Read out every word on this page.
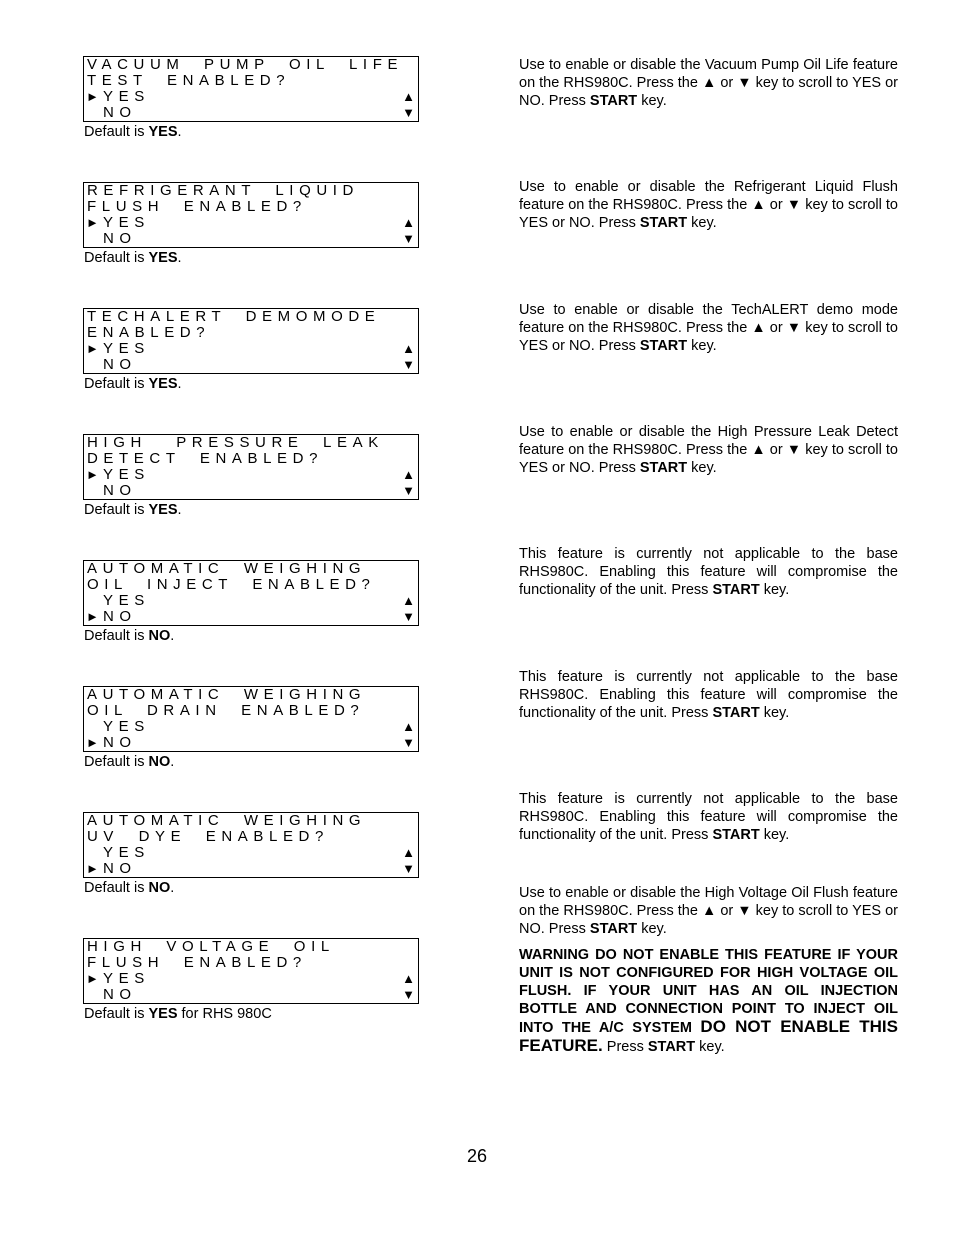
VACUUM  PUMP  OIL  LIFE
TEST  ENABLED?
► YES
NO
▲
▼
Default is YES.
Use to enable or disable the Vacuum Pump Oil Life feature on the RHS980C. Press the ▲ or ▼ key to scroll to YES or NO. Press START key.
REFRIGERANT  LIQUID
FLUSH  ENABLED?
► YES
NO
▲
▼
Default is YES.
Use to enable or disable the Refrigerant Liquid Flush feature on the RHS980C. Press the ▲ or ▼ key to scroll to YES or NO. Press START key.
TECHALERT  DEMOMODE
ENABLED?
► YES
NO
▲
▼
Default is YES.
Use to enable or disable the TechALERT demo mode feature on the RHS980C. Press the ▲ or ▼ key to scroll to YES or NO. Press START key.
HIGH   PRESSURE  LEAK
DETECT  ENABLED?
► YES
NO
▲
▼
Default is YES.
Use to enable or disable the High Pressure Leak Detect feature on the RHS980C. Press the ▲ or ▼ key to scroll to YES or NO. Press START key.
AUTOMATIC  WEIGHING
OIL  INJECT  ENABLED?
►
YES
NO
▲
▼
Default is NO.
This feature is currently not applicable to the base RHS980C. Enabling this feature will compromise the functionality of the unit. Press START key.
AUTOMATIC  WEIGHING
OIL  DRAIN  ENABLED?
►
YES
NO
▲
▼
Default is NO.
This feature is currently not applicable to the base RHS980C. Enabling this feature will compromise the functionality of the unit. Press START key.
AUTOMATIC  WEIGHING
UV  DYE  ENABLED?
►
YES
NO
▲
▼
Default is NO.
This feature is currently not applicable to the base RHS980C. Enabling this feature will compromise the functionality of the unit. Press START key.
HIGH  VOLTAGE  OIL
FLUSH  ENABLED?
► YES
NO
▲
▼
Default is YES for RHS 980C
Use to enable or disable the High Voltage Oil Flush feature on the RHS980C. Press the ▲ or ▼ key to scroll to YES or NO. Press START key.
WARNING DO NOT ENABLE THIS FEATURE IF YOUR UNIT IS NOT CONFIGURED FOR HIGH VOLTAGE OIL FLUSH. IF YOUR UNIT HAS AN OIL INJECTION BOTTLE AND CONNECTION POINT TO INJECT OIL INTO THE A/C SYSTEM DO NOT ENABLE THIS FEATURE. Press START key.
26
